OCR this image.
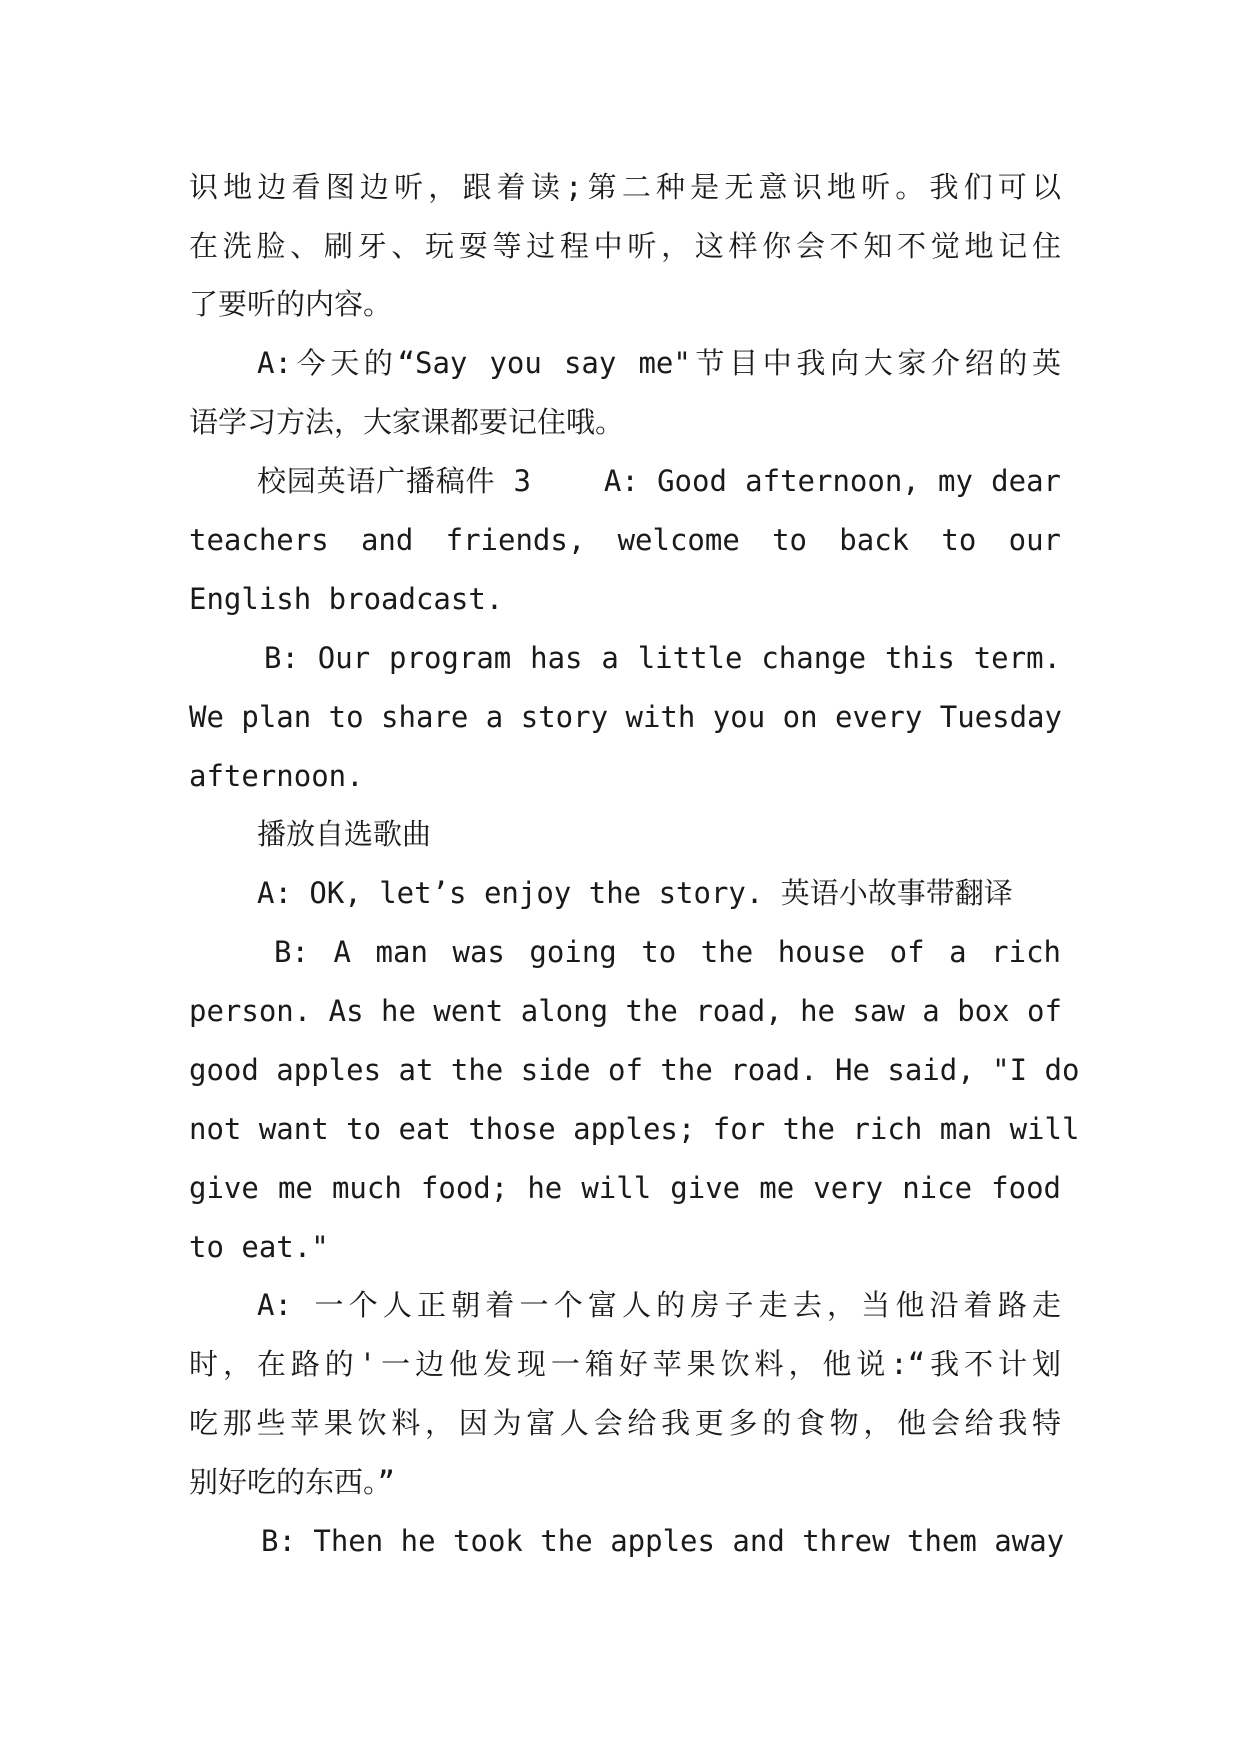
识地边看图边听，跟着读;第二种是无意识地听。我们可以
在洗脸、刷牙、玩耍等过程中听，这样你会不知不觉地记住
了要听的内容。
A:今天的“Say you say me"节目中我向大家介绍的英
语学习方法，大家课都要记住哦。
校园英语广播稿件 3    A: Good afternoon, my dear
teachers and friends, welcome to back to our
English broadcast.
B: Our program has a little change this term.
We plan to share a story with you on every Tuesday
afternoon.
播放自选歌曲
A: OK, let’s enjoy the story. 英语小故事带翻译
B: A man was going to the house of a rich
person. As he went along the road, he saw a box of
good apples at the side of the road. He said, "I do
not want to eat those apples; for the rich man will
give me much food; he will give me very nice food
to eat."
A: 一个人正朝着一个富人的房子走去，当他沿着路走
时，在路的'一边他发现一箱好苹果饮料，他说:“我不计划
吃那些苹果饮料，因为富人会给我更多的食物，他会给我特
别好吃的东西。”
B: Then he took the apples and threw them away
